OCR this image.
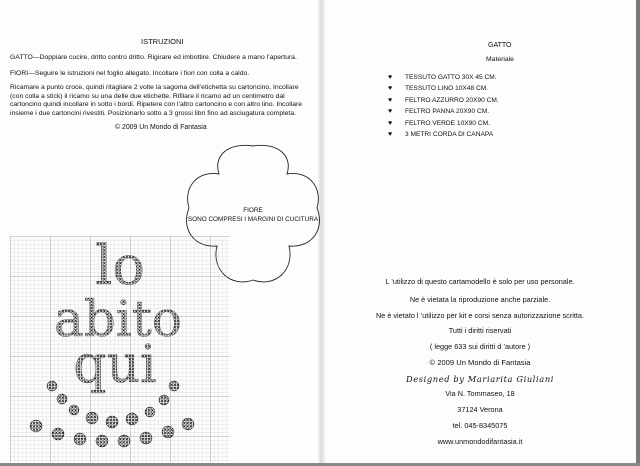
ISTRUZIONI
GATTO—Doppiare cucire, dritto contro dritto. Rigirare ed imbottire. Chiudere a mano l’apertura.
FIORI—Seguire le istruzioni nel foglio allegato. Incollare i fiori con colla a caldo.
Ricamare a punto croce, quindi ritagliare 2 volte la sagoma dell’etichetta su cartoncino. Incollare (con colla a stick) il ricamo su una delle due etichette. Rifilare il ricamo ad un centimetro dal cartoncino quindi incollare in sotto i bordi. Ripetere con l’altro cartoncino e con altro lino. Incollare insieme i due cartoncini rivestiti. Posizionarlo sotto a 3 grossi libri fino ad asciugatura completa.
© 2009 Un Mondo di Fantasia
FIORE
SONO COMPRESI I MARGINI DI CUCITURA
lo
abito
qui
GATTO
Materiale
♥ TESSUTO GATTO 30X 45 CM.
♥ TESSUTO LINO 10X48 CM.
♥ FELTRO AZZURRO 20X90 CM.
♥ FELTRO PANNA 20X90 CM.
♥ FELTRO VERDE 10X90 CM.
♥ 3 METRI CORDA DI CANAPA
L ’utilizzo di questo cartamodello è solo per uso personale.
Ne è vietata la riproduzione anche parziale.
Ne è vietato l ’utilizzo per kit e corsi senza autorizzazione scritta.
Tutti i diritti riservati
( legge 633 sui diritti d ’autore )
© 2009 Un Mondo di Fantasia
Designed by Mariarita Giuliani
Via N. Tommaseo, 18
37124 Verona
tel. 045-8345075
www.unmondodifantasia.it
